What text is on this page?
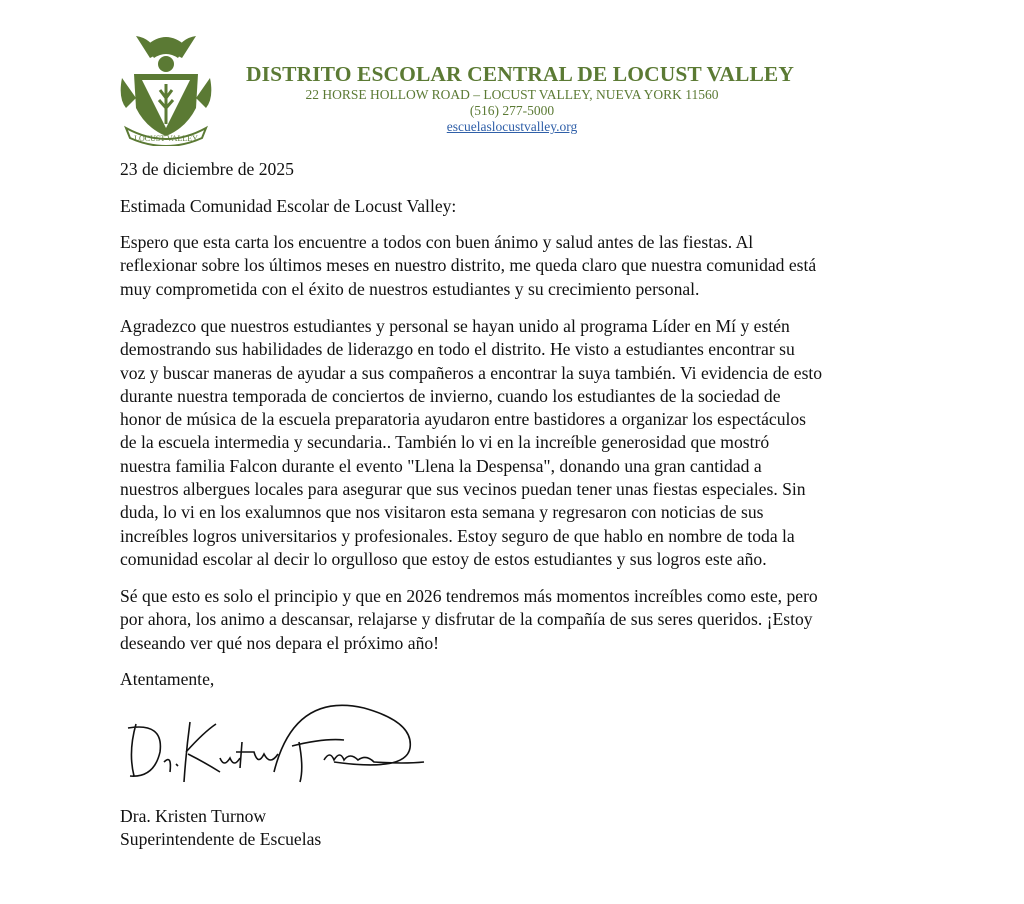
LOCUST VALLEY
DISTRITO ESCOLAR CENTRAL DE LOCUST VALLEY
22 HORSE HOLLOW ROAD – LOCUST VALLEY, NUEVA YORK 11560
(516) 277-5000
escuelaslocustvalley.org
23 de diciembre de 2025
Estimada Comunidad Escolar de Locust Valley:
Espero que esta carta los encuentre a todos con buen ánimo y salud antes de las fiestas. Al
reflexionar sobre los últimos meses en nuestro distrito, me queda claro que nuestra comunidad está
muy comprometida con el éxito de nuestros estudiantes y su crecimiento personal.
Agradezco que nuestros estudiantes y personal se hayan unido al programa Líder en Mí y estén
demostrando sus habilidades de liderazgo en todo el distrito. He visto a estudiantes encontrar su
voz y buscar maneras de ayudar a sus compañeros a encontrar la suya también. Vi evidencia de esto
durante nuestra temporada de conciertos de invierno, cuando los estudiantes de la sociedad de
honor de música de la escuela preparatoria ayudaron entre bastidores a organizar los espectáculos
de la escuela intermedia y secundaria.. También lo vi en la increíble generosidad que mostró
nuestra familia Falcon durante el evento "Llena la Despensa", donando una gran cantidad a
nuestros albergues locales para asegurar que sus vecinos puedan tener unas fiestas especiales. Sin
duda, lo vi en los exalumnos que nos visitaron esta semana y regresaron con noticias de sus
increíbles logros universitarios y profesionales. Estoy seguro de que hablo en nombre de toda la
comunidad escolar al decir lo orgulloso que estoy de estos estudiantes y sus logros este año.
Sé que esto es solo el principio y que en 2026 tendremos más momentos increíbles como este, pero
por ahora, los animo a descansar, relajarse y disfrutar de la compañía de sus seres queridos. ¡Estoy
deseando ver qué nos depara el próximo año!
Atentamente,
Dra. Kristen Turnow
Superintendente de Escuelas
